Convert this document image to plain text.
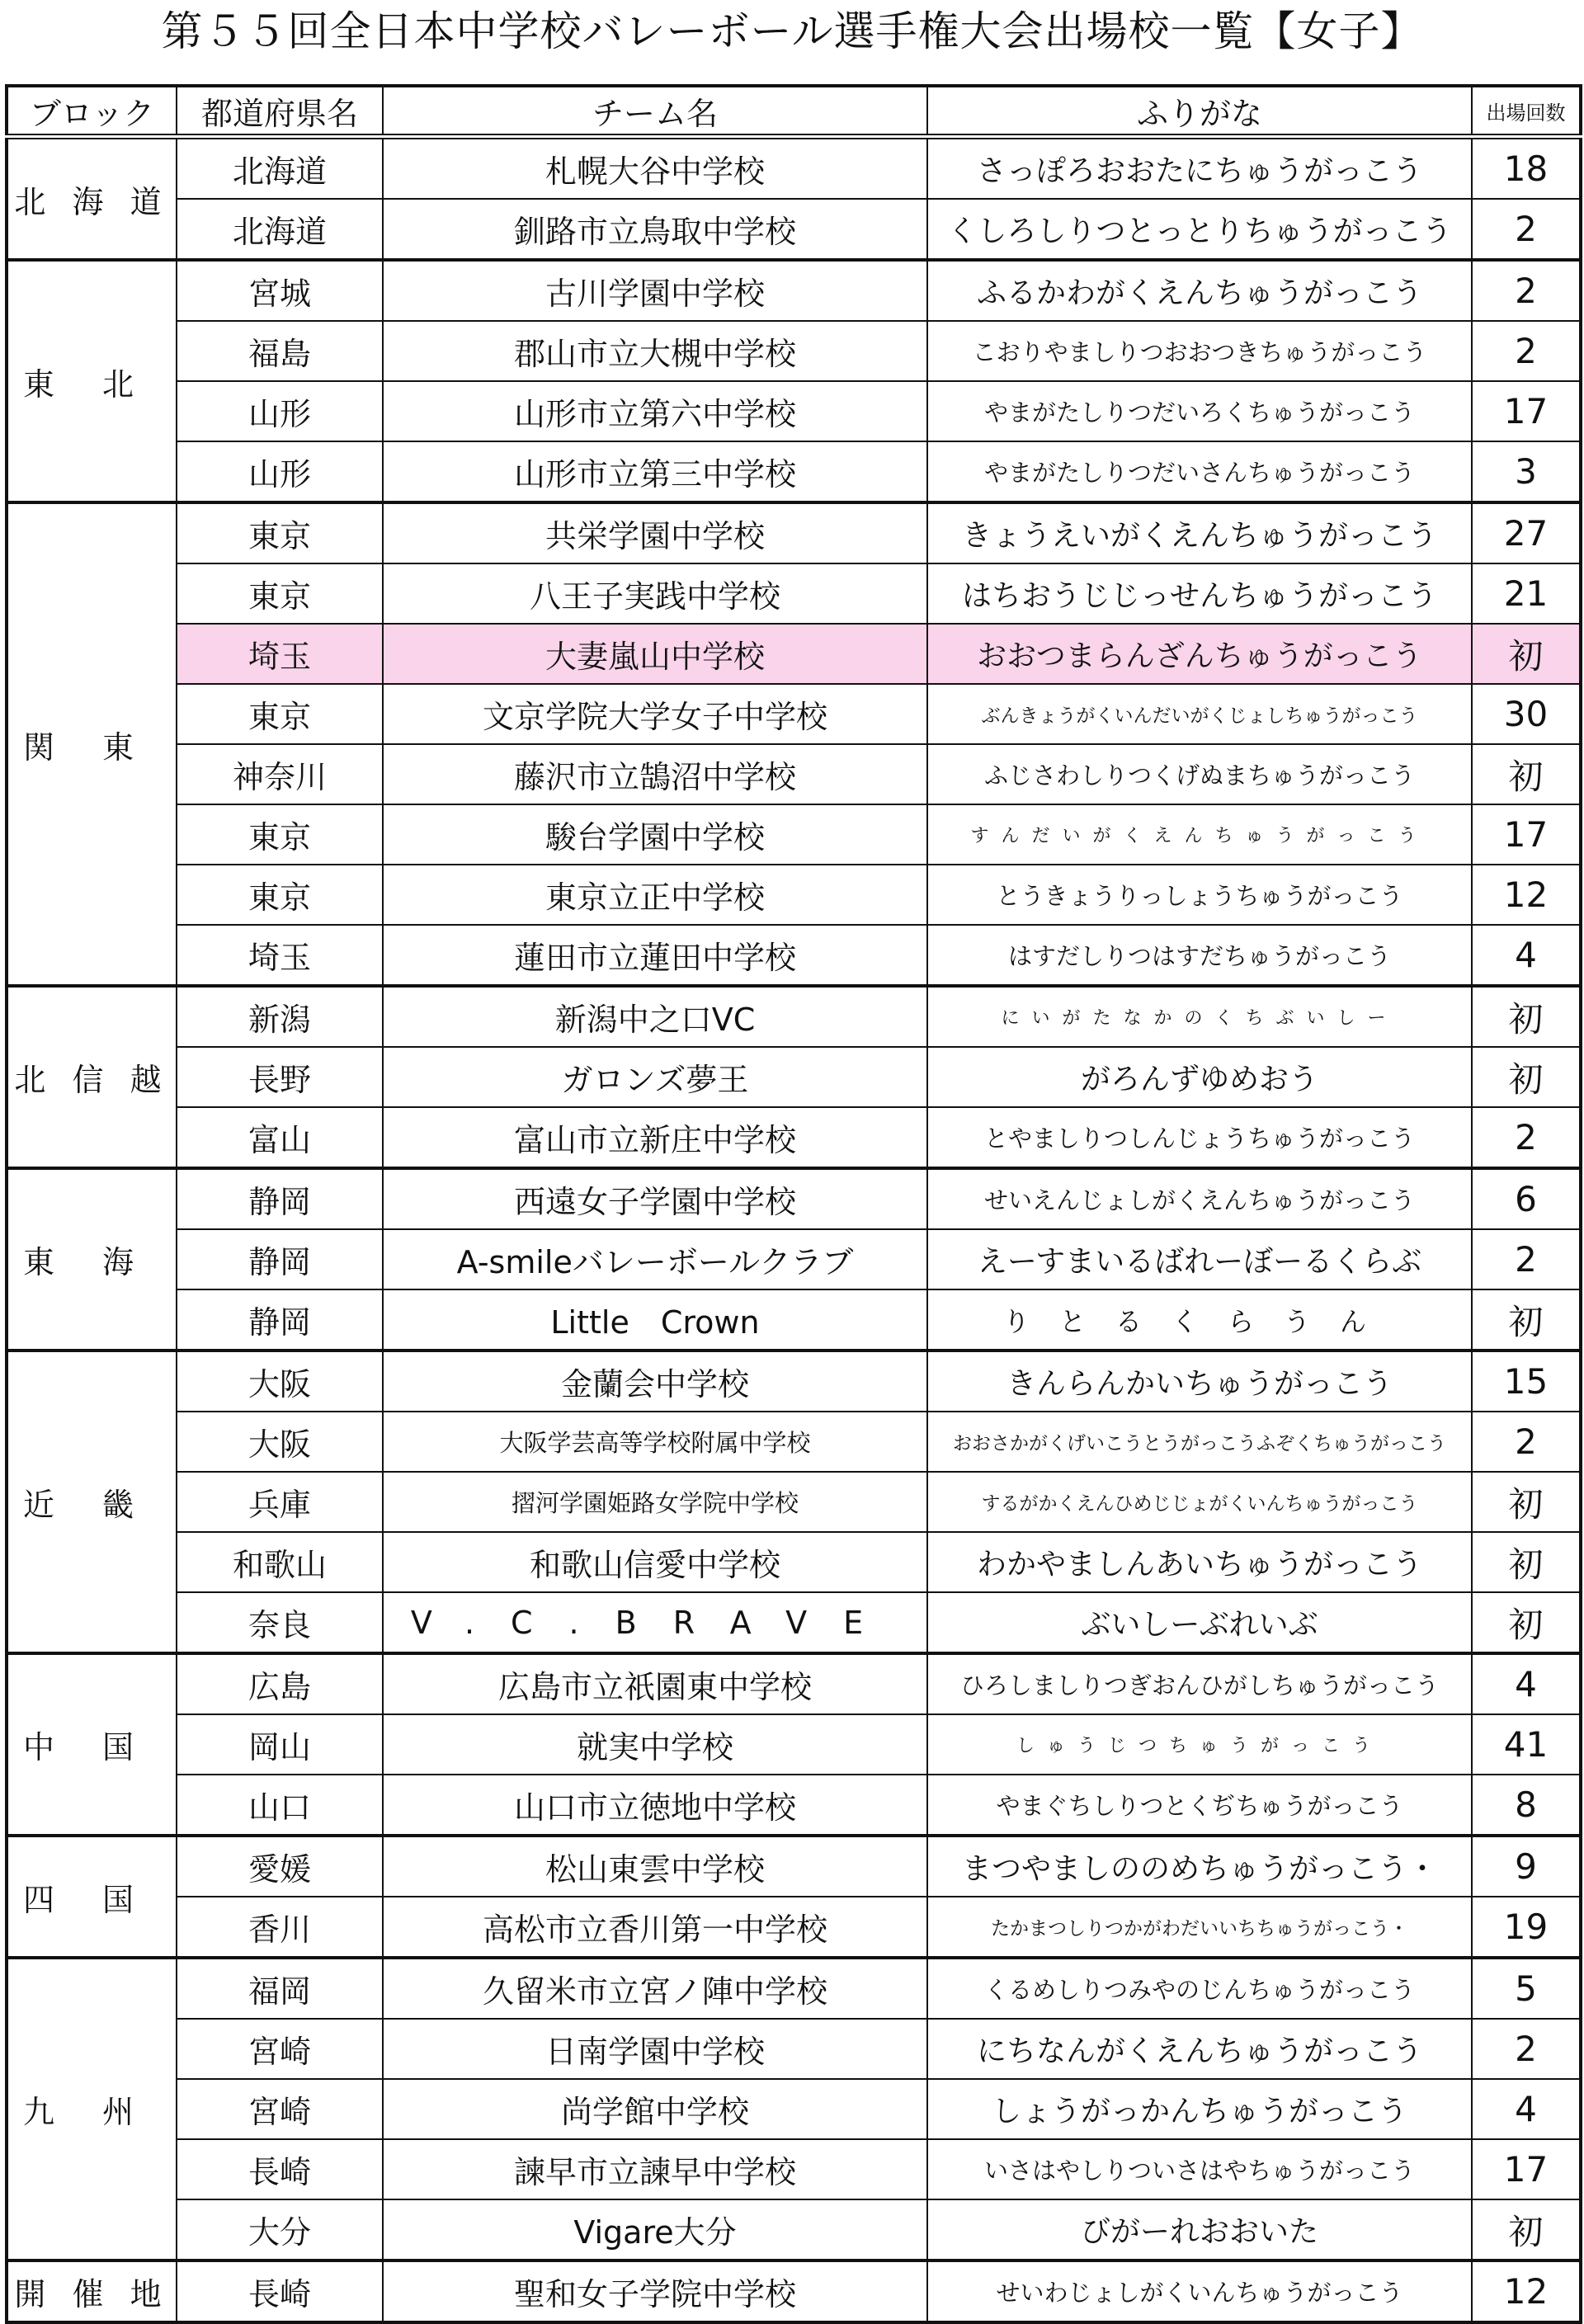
第５５回全日本中学校バレーボール選手権大会出場校一覧【女子】
ブロック	都道府県名	チーム名	ふりがな	出場回数
北 海 道	北海道	札幌大谷中学校	さっぽろおおたにちゅうがっこう	18
	北海道	釧路市立鳥取中学校	くしろしりつとっとりちゅうがっこう	2
東　北	宮城	古川学園中学校	ふるかわがくえんちゅうがっこう	2
	福島	郡山市立大槻中学校	こおりやましりつおおつきちゅうがっこう	2
	山形	山形市立第六中学校	やまがたしりつだいろくちゅうがっこう	17
	山形	山形市立第三中学校	やまがたしりつだいさんちゅうがっこう	3
関　東	東京	共栄学園中学校	きょうえいがくえんちゅうがっこう	27
	東京	八王子実践中学校	はちおうじじっせんちゅうがっこう	21
	埼玉	大妻嵐山中学校	おおつまらんざんちゅうがっこう	初
	東京	文京学院大学女子中学校	ぶんきょうがくいんだいがくじょしちゅうがっこう	30
	神奈川	藤沢市立鵠沼中学校	ふじさわしりつくげぬまちゅうがっこう	初
	東京	駿台学園中学校	すんだいがくえんちゅうがっこう	17
	東京	東京立正中学校	とうきょうりっしょうちゅうがっこう	12
	埼玉	蓮田市立蓮田中学校	はすだしりつはすだちゅうがっこう	4
北 信 越	新潟	新潟中之口VC	にいがたなかのくちぶいしー	初
	長野	ガロンズ夢王	がろんずゆめおう	初
	富山	富山市立新庄中学校	とやましりつしんじょうちゅうがっこう	2
東　海	静岡	西遠女子学園中学校	せいえんじょしがくえんちゅうがっこう	6
	静岡	A-smileバレーボールクラブ	えーすまいるばれーぼーるくらぶ	2
	静岡	Little　Crown	りとるくらうん	初
近　畿	大阪	金蘭会中学校	きんらんかいちゅうがっこう	15
	大阪	大阪学芸高等学校附属中学校	おおさかがくげいこうとうがっこうふぞくちゅうがっこう	2
	兵庫	摺河学園姫路女学院中学校	するがかくえんひめじじょがくいんちゅうがっこう	初
	和歌山	和歌山信愛中学校	わかやましんあいちゅうがっこう	初
	奈良	V.C.BRAVE	ぶいしーぶれいぶ	初
中　国	広島	広島市立祇園東中学校	ひろしましりつぎおんひがしちゅうがっこう	4
	岡山	就実中学校	しゅうじつちゅうがっこう	41
	山口	山口市立徳地中学校	やまぐちしりつとくぢちゅうがっこう	8
四　国	愛媛	松山東雲中学校	まつやましののめちゅうがっこう・	9
	香川	高松市立香川第一中学校	たかまつしりつかがわだいいちちゅうがっこう・	19
九　州	福岡	久留米市立宮ノ陣中学校	くるめしりつみやのじんちゅうがっこう	5
	宮崎	日南学園中学校	にちなんがくえんちゅうがっこう	2
	宮崎	尚学館中学校	しょうがっかんちゅうがっこう	4
	長崎	諫早市立諫早中学校	いさはやしりついさはやちゅうがっこう	17
	大分	Vigare大分	びがーれおおいた	初
開 催 地	長崎	聖和女子学院中学校	せいわじょしがくいんちゅうがっこう	12
